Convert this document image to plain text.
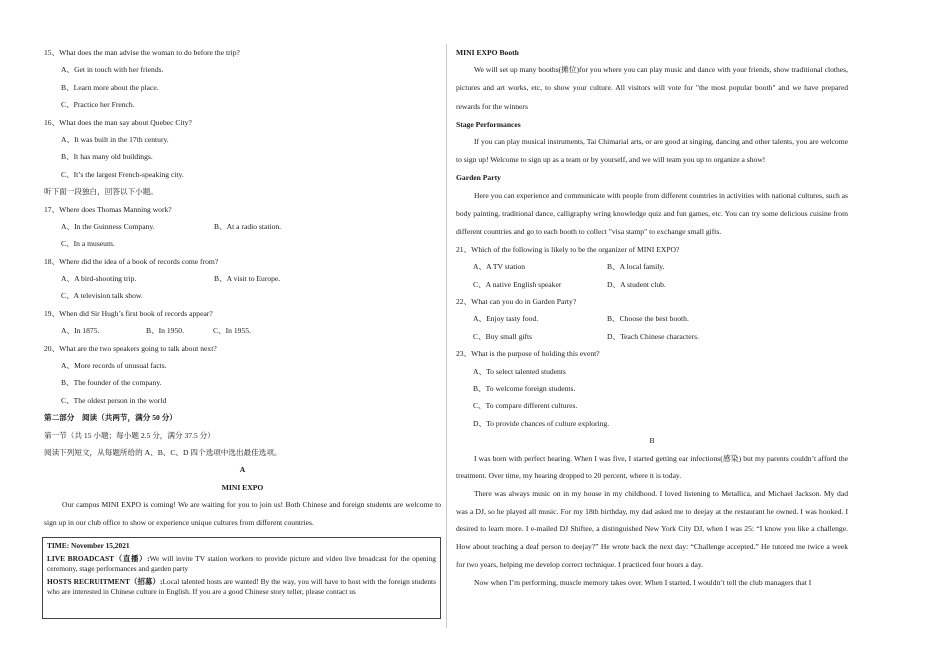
15、What does the man advise the woman to do before the trip?
A、Get in touch with her friends.
B、Learn more about the place.
C、Practice her French.
16、What does the man say about Quebec City?
A、It was built in the 17th century.
B、It has many old buildings.
C、It’s the largest French-speaking city.
听下面一段独白，回答以下小题。
17、Where does Thomas Manning work?
A、In the Guinness Company.	B、At a radio station.
C、In a museum.
18、Where did the idea of a book of records come from?
A、A bird-shooting trip.	B、A visit to Europe.
C、A television talk show.
19、When did Sir Hugh’s first book of records appear?
A、In 1875.	B、In 1950.	C、In 1955.
20、What are the two speakers going to talk about next?
A、More records of unusual facts.
B、The founder of the company.
C、The oldest person in the world
第二部分　阅读（共两节，满分 50 分）
第一节（共 15 小题；每小题 2.5 分，满分 37.5 分）
阅读下列短文，从每题所给的 A、B、C、D 四个选项中选出最佳选项。
A
MINI EXPO

Our campus MINI EXPO is coming! We are waiting for you to join us! Both Chinese and foreign students are welcome to sign up in our club office to show or experience unique cultures from different countries.

TIME: November 15,2021

LIVE BROADCAST（直播）:We will invite TV station workers to provide picture and video live broadcast for the opening ceremony, stage performances and garden party

HOSTS RECRUITMENT（招募）:Local talented hosts are wanted! By the way, you will have to host with the foreign students who are interested in Chinese culture in English. If you are a good Chinese story teller, please contact us

MINI EXPO Booth

We will set up many booths(摊位)for you where you can play music and dance with your friends, show traditional clothes, pictures and art works, etc, to show your culture. All visitors will vote for "the most popular booth" and we have prepared rewards for the winners

Stage Performances

If you can play musical instruments, Tai Chimarial arts, or are good at singing, dancing and other talents, you are welcome to sign up! Welcome to sign up as a team or by yourself, and we will team you up to organize a show!

Garden Party

Here you can experience and communicate with people from different countries in activities with national cultures, such as body painting, traditional dance, calligraphy wring knowledge quiz and fun games, etc. You can try some delicious cuisine from different countries and go to each booth to collect "visa stamp" to exchange small gifts.

21、Which of the following is likely to be the organizer of MINI EXPO?
A、A TV station	B、A local family.
C、A native English speaker	D、A student club.
22、What can you do in Garden Party?
A、Enjoy tasty food.	B、Choose the best booth.
C、Buy small gifts	D、Teach Chinese characters.
23、What is the purpose of holding this event?
A、To select talented students
B、To welcome foreign students.
C、To compare different cultures.
D、To provide chances of culture exploring.
B

I was born with perfect hearing. When I was five, I started getting ear infections(感染) but my parents couldn’t afford the treatment. Over time, my hearing dropped to 20 percent, where it is today.

There was always music on in my house in my childhood. I loved listening to Metallica, and Michael Jackson. My dad was a DJ, so he played all music. For my 18th birthday, my dad asked me to deejay at the restaurant he owned. I was hooked. I desired to learn more. I e-mailed DJ Shiftee, a distinguished New York City DJ, when I was 25: “I know you like a challenge. How about teaching a deaf person to deejay?” He wrote back the next day: “Challenge accepted.” He tutored me twice a week for two years, helping me develop correct technique. I practiced four hours a day.

Now when I’m performing, muscle memory takes over. When I started, I wouldn’t tell the club managers that I
